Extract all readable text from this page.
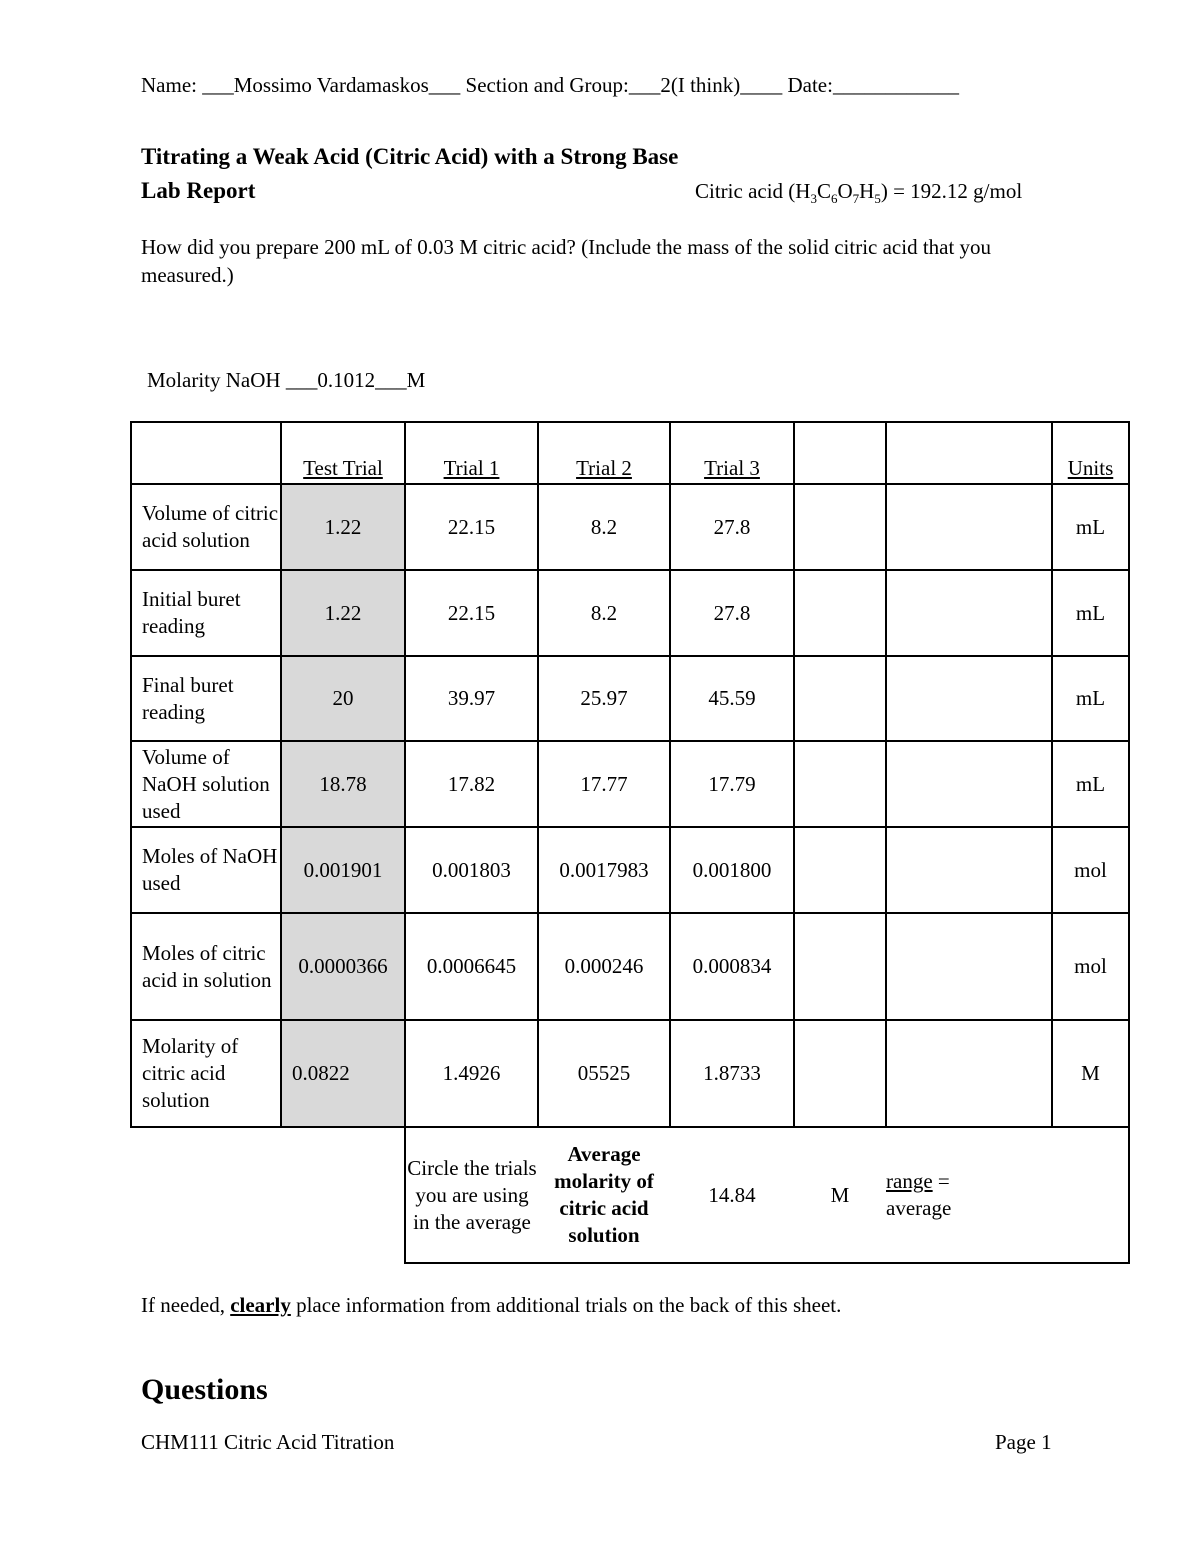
Name: ___Mossimo Vardamaskos___ Section and Group:___2(I think)____ Date:____________
Titrating a Weak Acid (Citric Acid) with a Strong Base
Lab Report	Citric acid $(H_3C_6O_7H_5) = 192.12$ g/mol
How did you prepare 200 mL of 0.03 M citric acid? (Include the mass of the solid citric acid that you measured.)
Molarity NaOH ___0.1012___M
	Test Trial	Trial 1	Trial 2	Trial 3			Units
Volume of citric acid solution	1.22	22.15	8.2	27.8			mL
Initial buret reading	1.22	22.15	8.2	27.8			mL
Final buret reading	20	39.97	25.97	45.59			mL
Volume of NaOH solution used	18.78	17.82	17.77	17.79			mL
Moles of NaOH used	0.001901	0.001803	0.0017983	0.001800			mol
Moles of citric acid in solution	0.0000366	0.0006645	0.000246	0.000834			mol
Molarity of citric acid solution	0.0822	1.4926	05525	1.8733			M
		Circle the trials you are using in the average	Average molarity of citric acid solution	14.84	M	range =
average	
If needed, clearly place information from additional trials on the back of this sheet.
Questions
CHM111 Citric Acid Titration	Page 1
